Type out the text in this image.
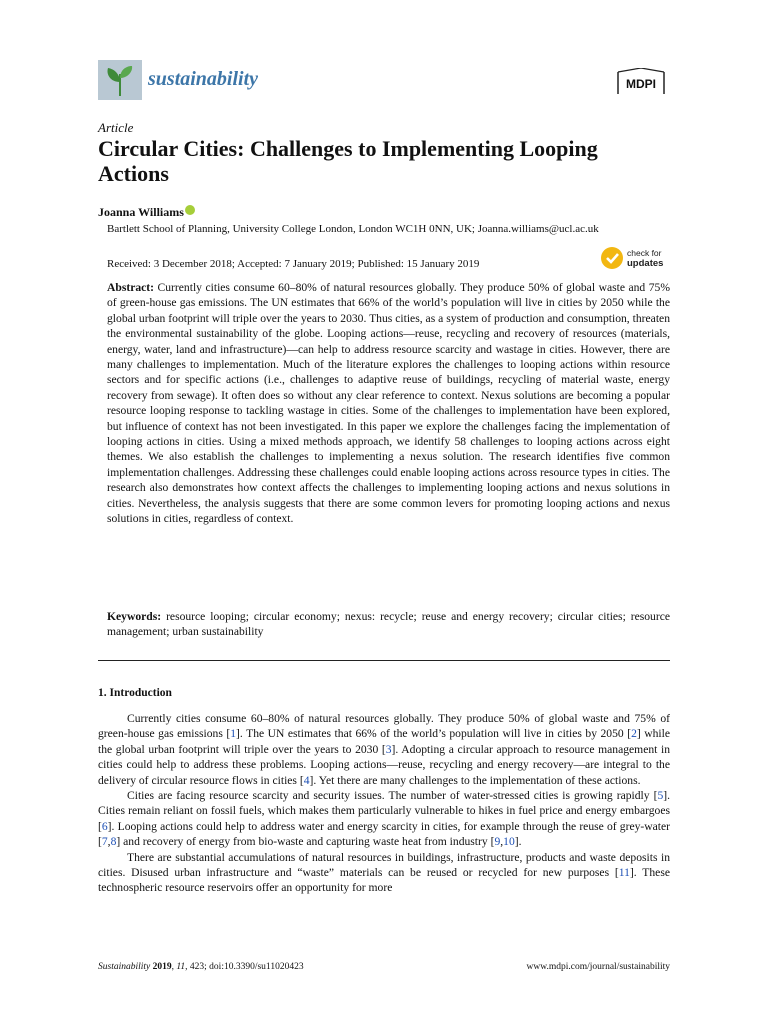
sustainability	MDPI
Article
Circular Cities: Challenges to Implementing Looping Actions
Joanna Williams
Bartlett School of Planning, University College London, London WC1H 0NN, UK; Joanna.williams@ucl.ac.uk
Received: 3 December 2018; Accepted: 7 January 2019; Published: 15 January 2019
check for
updates
Abstract: Currently cities consume 60–80% of natural resources globally. They produce 50% of global waste and 75% of green-house gas emissions. The UN estimates that 66% of the world’s population will live in cities by 2050 while the global urban footprint will triple over the years to 2030. Thus cities, as a system of production and consumption, threaten the environmental sustainability of the globe. Looping actions—reuse, recycling and recovery of resources (materials, energy, water, land and infrastructure)—can help to address resource scarcity and wastage in cities. However, there are many challenges to implementation. Much of the literature explores the challenges to looping actions within resource sectors and for specific actions (i.e., challenges to adaptive reuse of buildings, recycling of material waste, energy recovery from sewage). It often does so without any clear reference to context. Nexus solutions are becoming a popular resource looping response to tackling wastage in cities. Some of the challenges to implementation have been explored, but influence of context has not been investigated. In this paper we explore the challenges facing the implementation of looping actions in cities. Using a mixed methods approach, we identify 58 challenges to looping actions across eight themes. We also establish the challenges to implementing a nexus solution. The research identifies five common implementation challenges. Addressing these challenges could enable looping actions across resource types in cities. The research also demonstrates how context affects the challenges to implementing looping actions and nexus solutions in cities. Nevertheless, the analysis suggests that there are some common levers for promoting looping actions and nexus solutions in cities, regardless of context.
Keywords: resource looping; circular economy; nexus: recycle; reuse and energy recovery; circular cities; resource management; urban sustainability
1. Introduction

Currently cities consume 60–80% of natural resources globally. They produce 50% of global waste and 75% of green-house gas emissions [1]. The UN estimates that 66% of the world’s population will live in cities by 2050 [2] while the global urban footprint will triple over the years to 2030 [3]. Adopting a circular approach to resource management in cities could help to address these problems. Looping actions—reuse, recycling and energy recovery—are integral to the delivery of circular resource flows in cities [4]. Yet there are many challenges to the implementation of these actions.

Cities are facing resource scarcity and security issues. The number of water-stressed cities is growing rapidly [5]. Cities remain reliant on fossil fuels, which makes them particularly vulnerable to hikes in fuel price and energy embargoes [6]. Looping actions could help to address water and energy scarcity in cities, for example through the reuse of grey-water [7,8] and recovery of energy from bio-waste and capturing waste heat from industry [9,10].

There are substantial accumulations of natural resources in buildings, infrastructure, products and waste deposits in cities. Disused urban infrastructure and “waste” materials can be reused or recycled for new purposes [11]. These technospheric resource reservoirs offer an opportunity for more

Sustainability 2019, 11, 423; doi:10.3390/su11020423	www.mdpi.com/journal/sustainability
